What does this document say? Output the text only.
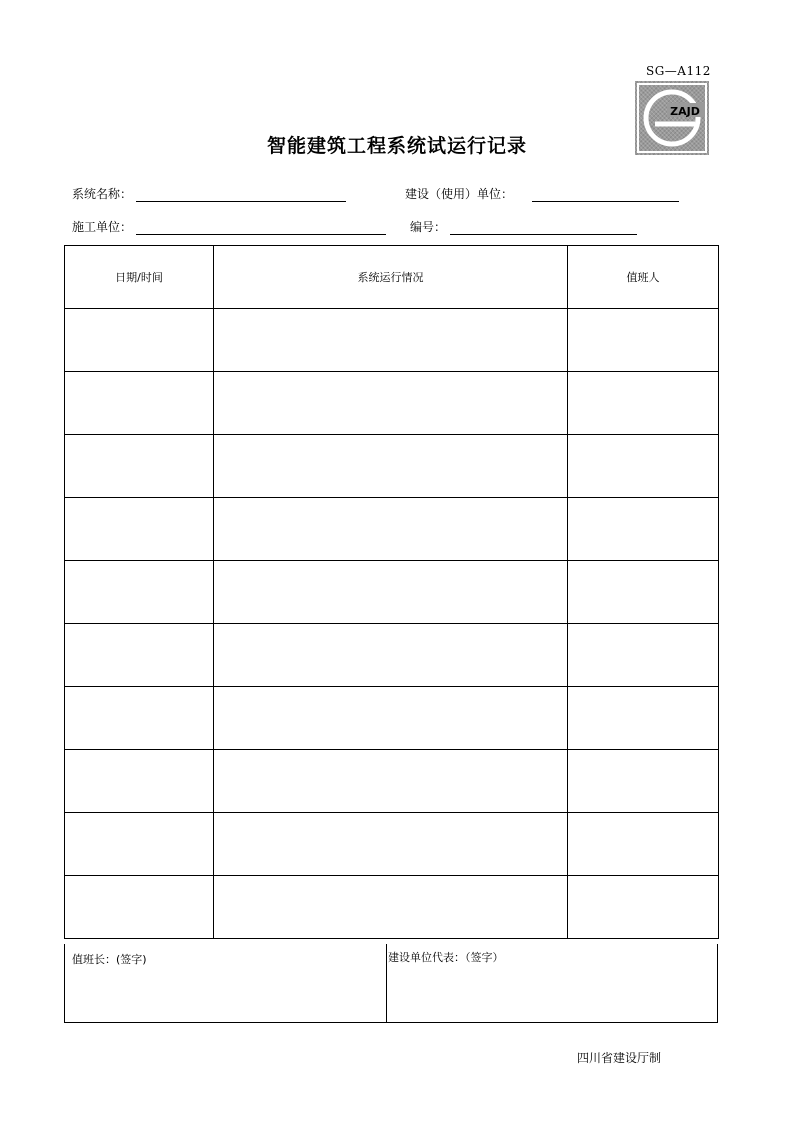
SG—A112
ZAJD
智能建筑工程系统试运行记录
系统名称：	建设（使用）单位：
施工单位：	编号：
日期/时间	系统运行情况	值班人

值班长：(签字)	建设单位代表：（签字）
四川省建设厅制
